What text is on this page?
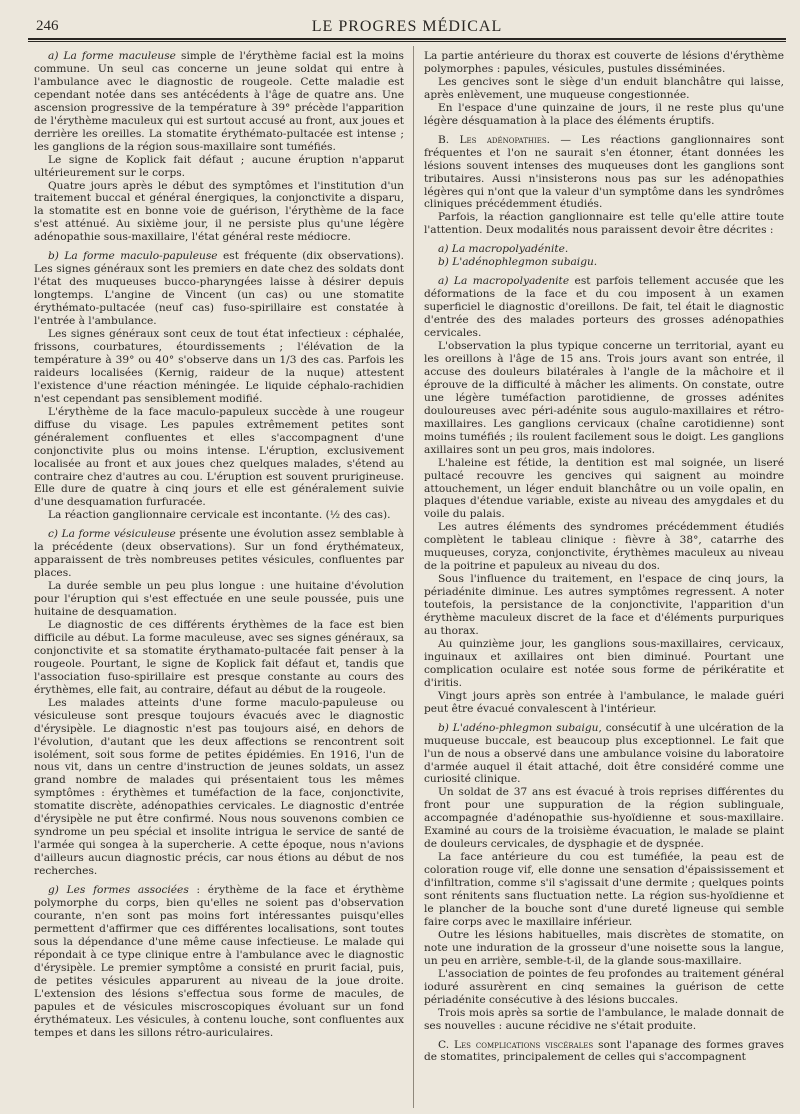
246	LE PROGRES MÉDICAL

a) La forme maculeuse simple de l'érythème facial est la moins commune. Un seul cas concerne un jeune soldat qui entre à l'ambulance avec le diagnostic de rougeole. Cette maladie est cependant notée dans ses antécédents à l'âge de quatre ans. Une ascension progressive de la température à 39° précède l'apparition de l'érythème maculeux qui est surtout accusé au front, aux joues et derrière les oreilles. La stomatite érythémato-pultacée est intense ; les ganglions de la région sous-maxillaire sont tuméfiés.

Le signe de Koplick fait défaut ; aucune éruption n'apparut ultérieurement sur le corps.

Quatre jours après le début des symptômes et l'institution d'un traitement buccal et général énergiques, la conjonctivite a disparu, la stomatite est en bonne voie de guérison, l'érythème de la face s'est atténué. Au sixième jour, il ne persiste plus qu'une légère adénopathie sous-maxillaire, l'état général reste médiocre.

b) La forme maculo-papuleuse est fréquente (dix observations). Les signes généraux sont les premiers en date chez des soldats dont l'état des muqueuses bucco-pharyngées laisse à désirer depuis longtemps. L'angine de Vincent (un cas) ou une stomatite érythémato-pultacée (neuf cas) fuso-spirillaire est constatée à l'entrée à l'ambulance.

Les signes généraux sont ceux de tout état infectieux : céphalée, frissons, courbatures, étourdissements ; l'élévation de la température à 39° ou 40° s'observe dans un 1/3 des cas. Parfois les raideurs localisées (Kernig, raideur de la nuque) attestent l'existence d'une réaction méningée. Le liquide céphalo-rachidien n'est cependant pas sensiblement modifié.

L'érythème de la face maculo-papuleux succède à une rougeur diffuse du visage. Les papules extrêmement petites sont généralement confluentes et elles s'accompagnent d'une conjonctivite plus ou moins intense. L'éruption, exclusivement localisée au front et aux joues chez quelques malades, s'étend au contraire chez d'autres au cou. L'éruption est souvent prurigineuse. Elle dure de quatre à cinq jours et elle est généralement suivie d'une desquamation furfuracée.

La réaction ganglionnaire cervicale est incontante. (½ des cas).

c) La forme vésiculeuse présente une évolution assez semblable à la précédente (deux observations). Sur un fond érythémateux, apparaissent de très nombreuses petites vésicules, confluentes par places.

La durée semble un peu plus longue : une huitaine d'évolution pour l'éruption qui s'est effectuée en une seule poussée, puis une huitaine de desquamation.

Le diagnostic de ces différents érythèmes de la face est bien difficile au début. La forme maculeuse, avec ses signes généraux, sa conjonctivite et sa stomatite érythamato-pultacée fait penser à la rougeole. Pourtant, le signe de Koplick fait défaut et, tandis que l'association fuso-spirillaire est presque constante au cours des érythèmes, elle fait, au contraire, défaut au début de la rougeole.

Les malades atteints d'une forme maculo-papuleuse ou vésiculeuse sont presque toujours évacués avec le diagnostic d'érysipèle. Le diagnostic n'est pas toujours aisé, en dehors de l'évolution, d'autant que les deux affections se rencontrent soit isolément, soit sous forme de petites épidémies. En 1916, l'un de nous vit, dans un centre d'instruction de jeunes soldats, un assez grand nombre de malades qui présentaient tous les mêmes symptômes : érythèmes et tuméfaction de la face, conjonctivite, stomatite discrète, adénopathies cervicales. Le diagnostic d'entrée d'érysipèle ne put être confirmé. Nous nous souvenons combien ce syndrome un peu spécial et insolite intrigua le service de santé de l'armée qui songea à la supercherie. A cette époque, nous n'avions d'ailleurs aucun diagnostic précis, car nous étions au début de nos recherches.

g) Les formes associées : érythème de la face et érythème polymorphe du corps, bien qu'elles ne soient pas d'observation courante, n'en sont pas moins fort intéressantes puisqu'elles permettent d'affirmer que ces différentes localisations, sont toutes sous la dépendance d'une même cause infectieuse. Le malade qui répondait à ce type clinique entre à l'ambulance avec le diagnostic d'érysipèle. Le premier symptôme a consisté en prurit facial, puis, de petites vésicules apparurent au niveau de la joue droite. L'extension des lésions s'effectua sous forme de macules, de papules et de vésicules miscroscopiques évoluant sur un fond érythémateux. Les vésicules, à contenu louche, sont confluentes aux tempes et dans les sillons rétro-auriculaires.

La partie antérieure du thorax est couverte de lésions d'érythème polymorphes : papules, vésicules, pustules disséminées.

Les gencives sont le siège d'un enduit blanchâtre qui laisse, après enlèvement, une muqueuse congestionnée.

En l'espace d'une quinzaine de jours, il ne reste plus qu'une légère désquamation à la place des éléments éruptifs.

B. Les adénopathies. — Les réactions ganglionnaires sont fréquentes et l'on ne saurait s'en étonner, étant données les lésions souvent intenses des muqueuses dont les ganglions sont tributaires. Aussi n'insisterons nous pas sur les adénopathies légères qui n'ont que la valeur d'un symptôme dans les syndrômes cliniques précédemment étudiés.

Parfois, la réaction ganglionnaire est telle qu'elle attire toute l'attention. Deux modalités nous paraissent devoir être décrites :

a) La macropolyadénite.

b) L'adénophlegmon subaigu.

a) La macropolyadenite est parfois tellement accusée que les déformations de la face et du cou imposent à un examen superficiel le diagnostic d'oreillons. De fait, tel était le diagnostic d'entrée des des malades porteurs des grosses adénopathies cervicales.

L'observation la plus typique concerne un territorial, ayant eu les oreillons à l'âge de 15 ans. Trois jours avant son entrée, il accuse des douleurs bilatérales à l'angle de la mâchoire et il éprouve de la difficulté à mâcher les aliments. On constate, outre une légère tuméfaction parotidienne, de grosses adénites douloureuses avec péri-adénite sous augulo-maxillaires et rétro-maxillaires. Les ganglions cervicaux (chaîne carotidienne) sont moins tuméfiés ; ils roulent facilement sous le doigt. Les ganglions axillaires sont un peu gros, mais indolores.

L'haleine est fétide, la dentition est mal soignée, un liseré pultacé recouvre les gencives qui saignent au moindre attouchement, un léger enduit blanchâtre ou un voile opalin, en plaques d'étendue variable, existe au niveau des amygdales et du voile du palais.

Les autres éléments des syndromes précédemment étudiés complètent le tableau clinique : fièvre à 38°, catarrhe des muqueuses, coryza, conjonctivite, érythèmes maculeux au niveau de la poitrine et papuleux au niveau du dos.

Sous l'influence du traitement, en l'espace de cinq jours, la périadénite diminue. Les autres symptômes regressent. A noter toutefois, la persistance de la conjonctivite, l'apparition d'un érythème maculeux discret de la face et d'éléments purpuriques au thorax.

Au quinzième jour, les ganglions sous-maxillaires, cervicaux, inguinaux et axillaires ont bien diminué. Pourtant une complication oculaire est notée sous forme de périkératite et d'iritis.

Vingt jours après son entrée à l'ambulance, le malade guéri peut être évacué convalescent à l'intérieur.

b) L'adéno-phlegmon subaigu, consécutif à une ulcération de la muqueuse buccale, est beaucoup plus exceptionnel. Le fait que l'un de nous a observé dans une ambulance voisine du laboratoire d'armée auquel il était attaché, doit être considéré comme une curiosité clinique.

Un soldat de 37 ans est évacué à trois reprises différentes du front pour une suppuration de la région sublinguale, accompagnée d'adénopathie sus-hyoïdienne et sous-maxillaire. Examiné au cours de la troisième évacuation, le malade se plaint de douleurs cervicales, de dysphagie et de dyspnée.

La face antérieure du cou est tuméfiée, la peau est de coloration rouge vif, elle donne une sensation d'épaississement et d'infiltration, comme s'il s'agissait d'une dermite ; quelques points sont rénitents sans fluctuation nette. La région sus-hyoïdienne et le plancher de la bouche sont d'une dureté ligneuse qui semble faire corps avec le maxillaire inférieur.

Outre les lésions habituelles, mais discrètes de stomatite, on note une induration de la grosseur d'une noisette sous la langue, un peu en arrière, semble-t-il, de la glande sous-maxillaire.

L'association de pointes de feu profondes au traitement général ioduré assurèrent en cinq semaines la guérison de cette périadénite consécutive à des lésions buccales.

Trois mois après sa sortie de l'ambulance, le malade donnait de ses nouvelles : aucune récidive ne s'était produite.

C. Les complications viscérales sont l'apanage des formes graves de stomatites, principalement de celles qui s'accompagnent
